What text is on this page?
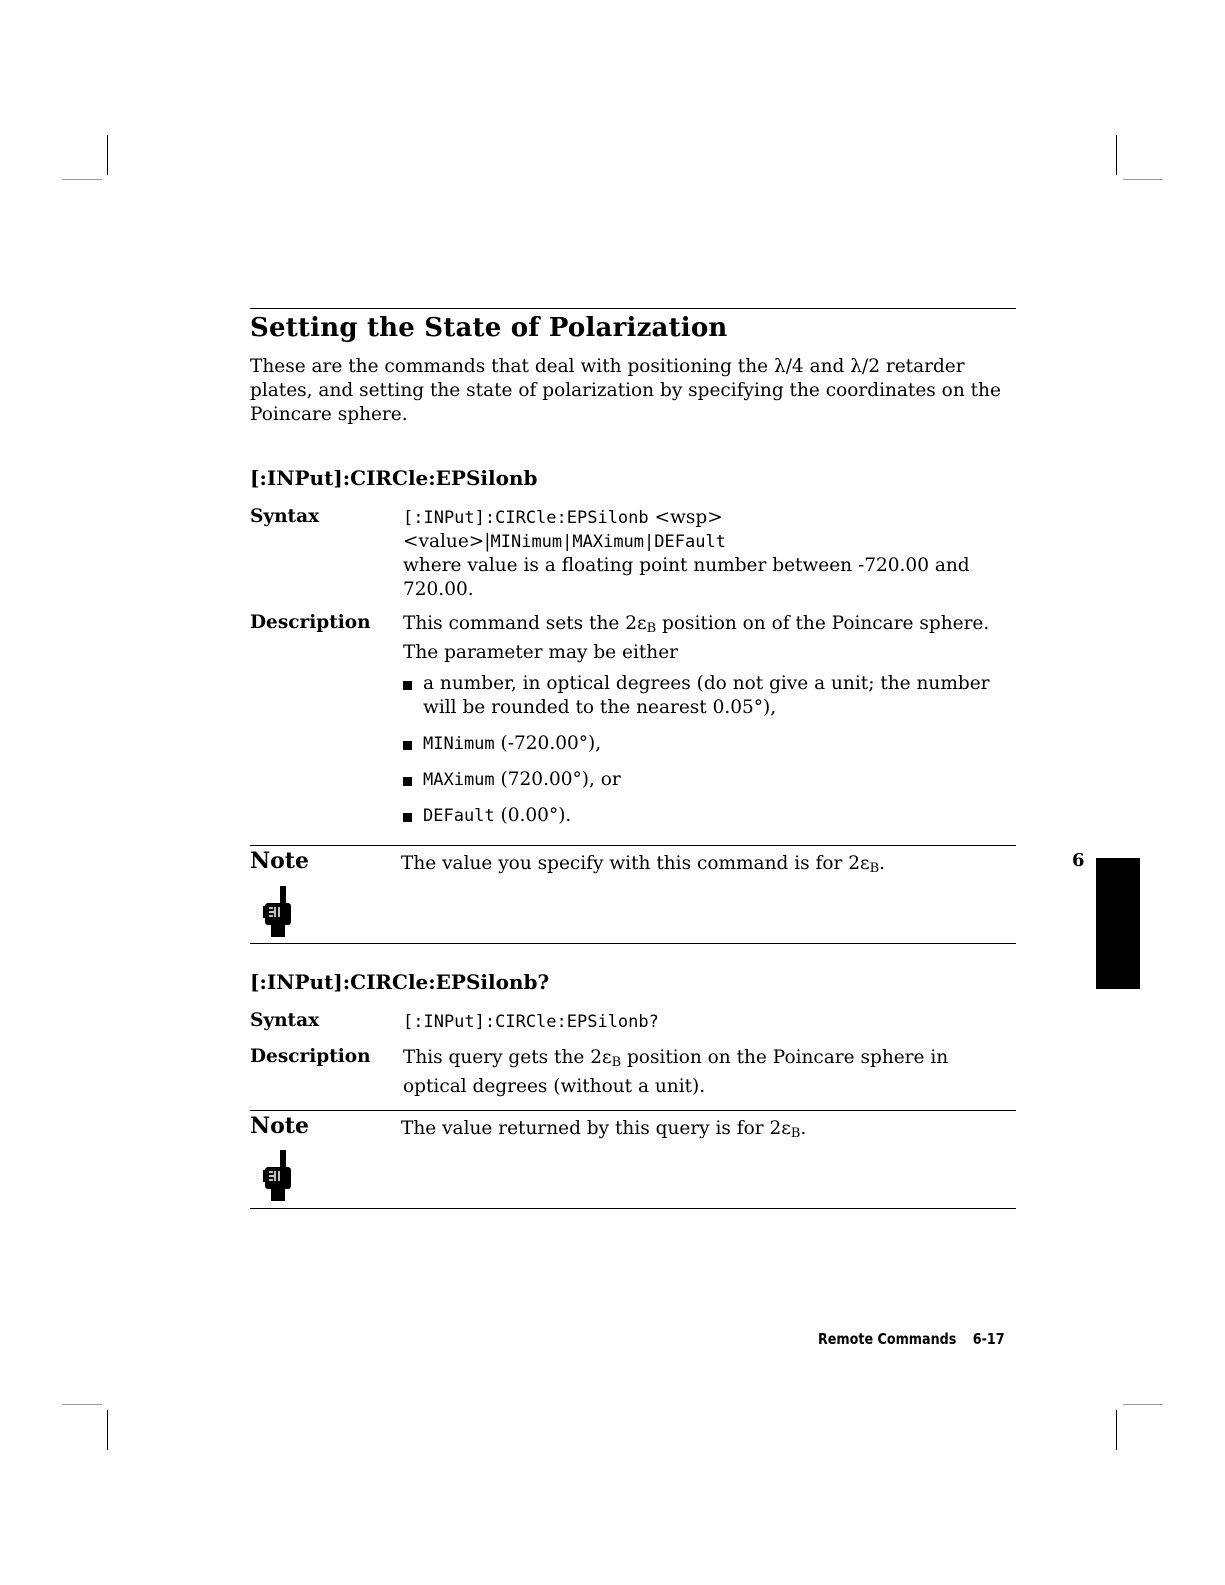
Setting the State of Polarization
These are the commands that deal with positioning the λ/4 and λ/2 retarder
plates, and setting the state of polarization by specifying the coordinates on the
Poincare sphere.
[:INPut]:CIRCle:EPSilonb
Syntax	[:INPut]:CIRCle:EPSilonb <wsp>
<value>|MINimum|MAXimum|DEFault
where value is a floating point number between -720.00 and
720.00.
Description This command sets the $2\varepsilon_B$ position on of the Poincare sphere.
The parameter may be either
a number, in optical degrees (do not give a unit; the number
will be rounded to the nearest 0.05°),
MINimum (-720.00°),
MAXimum (720.00°), or
DEFault (0.00°).
Note	The value you specify with this command is for $2\varepsilon_B$.
[:INPut]:CIRCle:EPSilonb?
Syntax	[:INPut]:CIRCle:EPSilonb?
Description This query gets the $2\varepsilon_B$ position on the Poincare sphere in
optical degrees (without a unit).
Note	The value returned by this query is for $2\varepsilon_B$.
6
Remote Commands 6-17
